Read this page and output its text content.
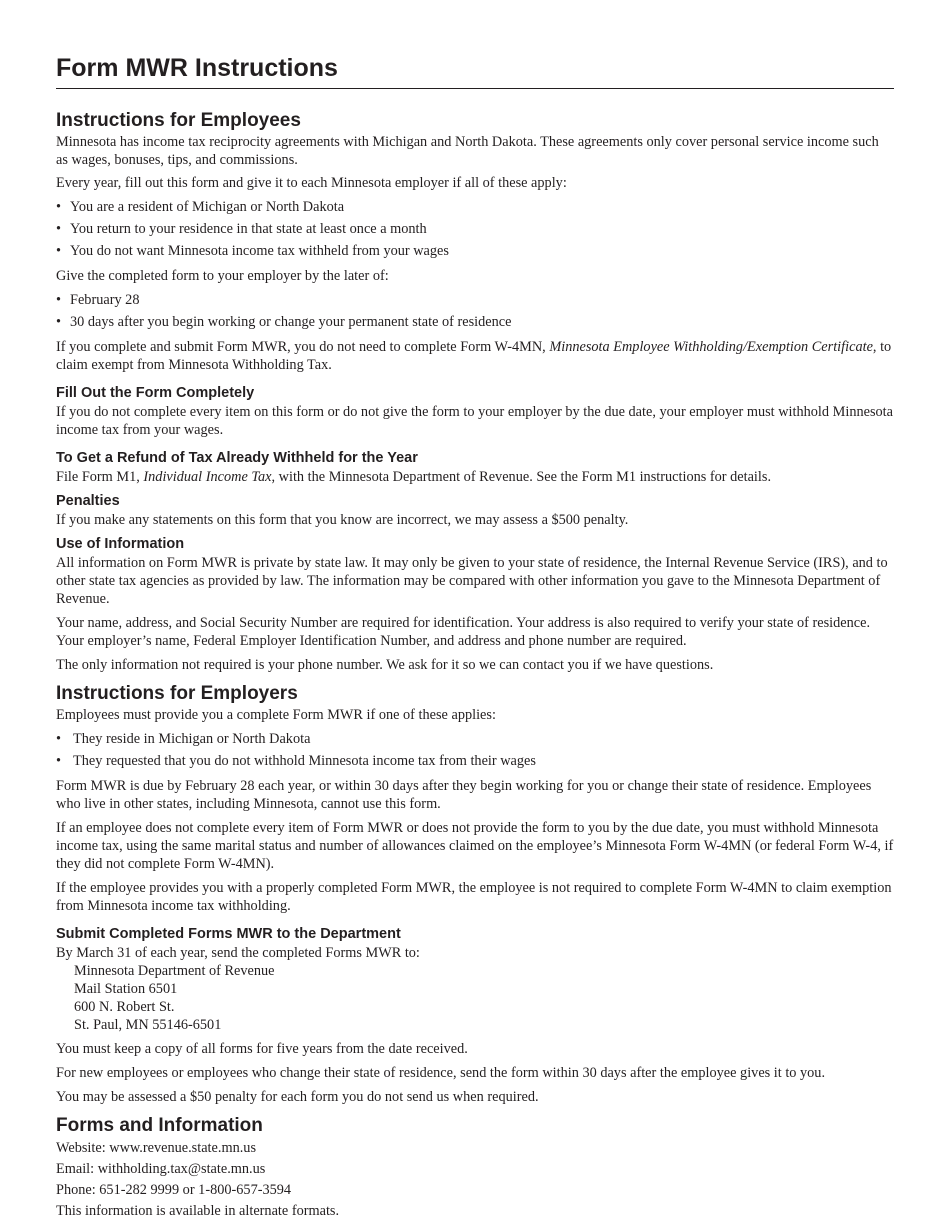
Form MWR Instructions
Instructions for Employees

Minnesota has income tax reciprocity agreements with Michigan and North Dakota. These agreements only cover personal service income such as wages, bonuses, tips, and commissions.

Every year, fill out this form and give it to each Minnesota employer if all of these apply:

• You are a resident of Michigan or North Dakota
• You return to your residence in that state at least once a month
• You do not want Minnesota income tax withheld from your wages

Give the completed form to your employer by the later of:

• February 28
• 30 days after you begin working or change your permanent state of residence

If you complete and submit Form MWR, you do not need to complete Form W-4MN, Minnesota Employee Withholding/Exemption Certificate, to claim exempt from Minnesota Withholding Tax.

Fill Out the Form Completely

If you do not complete every item on this form or do not give the form to your employer by the due date, your employer must withhold Minnesota income tax from your wages.

To Get a Refund of Tax Already Withheld for the Year

File Form M1, Individual Income Tax, with the Minnesota Department of Revenue. See the Form M1 instructions for details.

Penalties

If you make any statements on this form that you know are incorrect, we may assess a $500 penalty.

Use of Information

All information on Form MWR is private by state law. It may only be given to your state of residence, the Internal Revenue Service (IRS), and to other state tax agencies as provided by law. The information may be compared with other information you gave to the Minnesota Department of Revenue.

Your name, address, and Social Security Number are required for identification. Your address is also required to verify your state of residence. Your employer’s name, Federal Employer Identification Number, and address and phone number are required.

The only information not required is your phone number. We ask for it so we can contact you if we have questions.

Instructions for Employers

Employees must provide you a complete Form MWR if one of these applies:

• They reside in Michigan or North Dakota
• They requested that you do not withhold Minnesota income tax from their wages

Form MWR is due by February 28 each year, or within 30 days after they begin working for you or change their state of residence. Employees who live in other states, including Minnesota, cannot use this form.

If an employee does not complete every item of Form MWR or does not provide the form to you by the due date, you must withhold Minnesota income tax, using the same marital status and number of allowances claimed on the employee’s Minnesota Form W-4MN (or federal Form W-4, if they did not complete Form W-4MN).

If the employee provides you with a properly completed Form MWR, the employee is not required to complete Form W-4MN to claim exemption from Minnesota income tax withholding.

Submit Completed Forms MWR to the Department

By March 31 of each year, send the completed Forms MWR to:

Minnesota Department of Revenue
Mail Station 6501
600 N. Robert St.
St. Paul, MN 55146-6501

You must keep a copy of all forms for five years from the date received.

For new employees or employees who change their state of residence, send the form within 30 days after the employee gives it to you.

You may be assessed a $50 penalty for each form you do not send us when required.

Forms and Information

Website: www.revenue.state.mn.us

Email: withholding.tax@state.mn.us

Phone: 651-282 9999 or 1-800-657-3594

This information is available in alternate formats.
